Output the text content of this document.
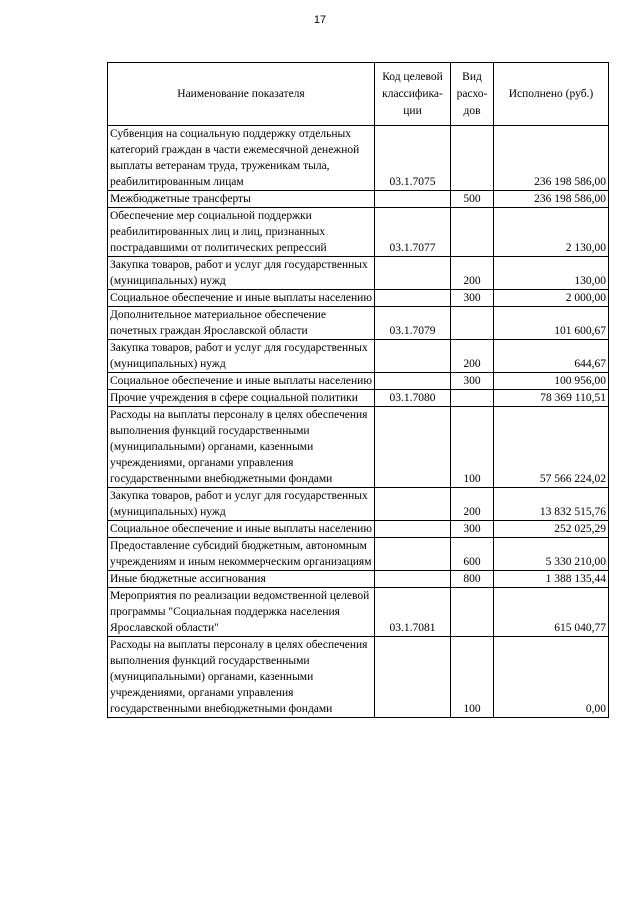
17
Наименование показателя	Код целевой классифика-ции	Вид расхо-дов	Исполнено (руб.)
Субвенция на социальную поддержку отдельных категорий граждан в части ежемесячной денежной выплаты ветеранам труда, труженикам тыла, реабилитированным лицам	03.1.7075		236 198 586,00
Межбюджетные трансферты		500	236 198 586,00
Обеспечение мер социальной поддержки реабилитированных лиц и лиц, признанных пострадавшими от политических репрессий	03.1.7077		2 130,00
Закупка товаров, работ и услуг для государственных (муниципальных) нужд		200	130,00
Социальное обеспечение и иные выплаты населению		300	2 000,00
Дополнительное материальное обеспечение почетных граждан Ярославской области	03.1.7079		101 600,67
Закупка товаров, работ и услуг для государственных (муниципальных) нужд		200	644,67
Социальное обеспечение и иные выплаты населению		300	100 956,00
Прочие учреждения в сфере социальной политики	03.1.7080		78 369 110,51
Расходы на выплаты персоналу в целях обеспечения выполнения функций государственными (муниципальными) органами, казенными учреждениями, органами управления государственными внебюджетными фондами		100	57 566 224,02
Закупка товаров, работ и услуг для государственных (муниципальных) нужд		200	13 832 515,76
Социальное обеспечение и иные выплаты населению		300	252 025,29
Предоставление субсидий бюджетным, автономным учреждениям и иным некоммерческим организациям		600	5 330 210,00
Иные бюджетные ассигнования		800	1 388 135,44
Мероприятия по реализации ведомственной целевой программы "Социальная поддержка населения Ярославской области"	03.1.7081		615 040,77
Расходы на выплаты персоналу в целях обеспечения выполнения функций государственными (муниципальными) органами, казенными учреждениями, органами управления государственными внебюджетными фондами		100	0,00
